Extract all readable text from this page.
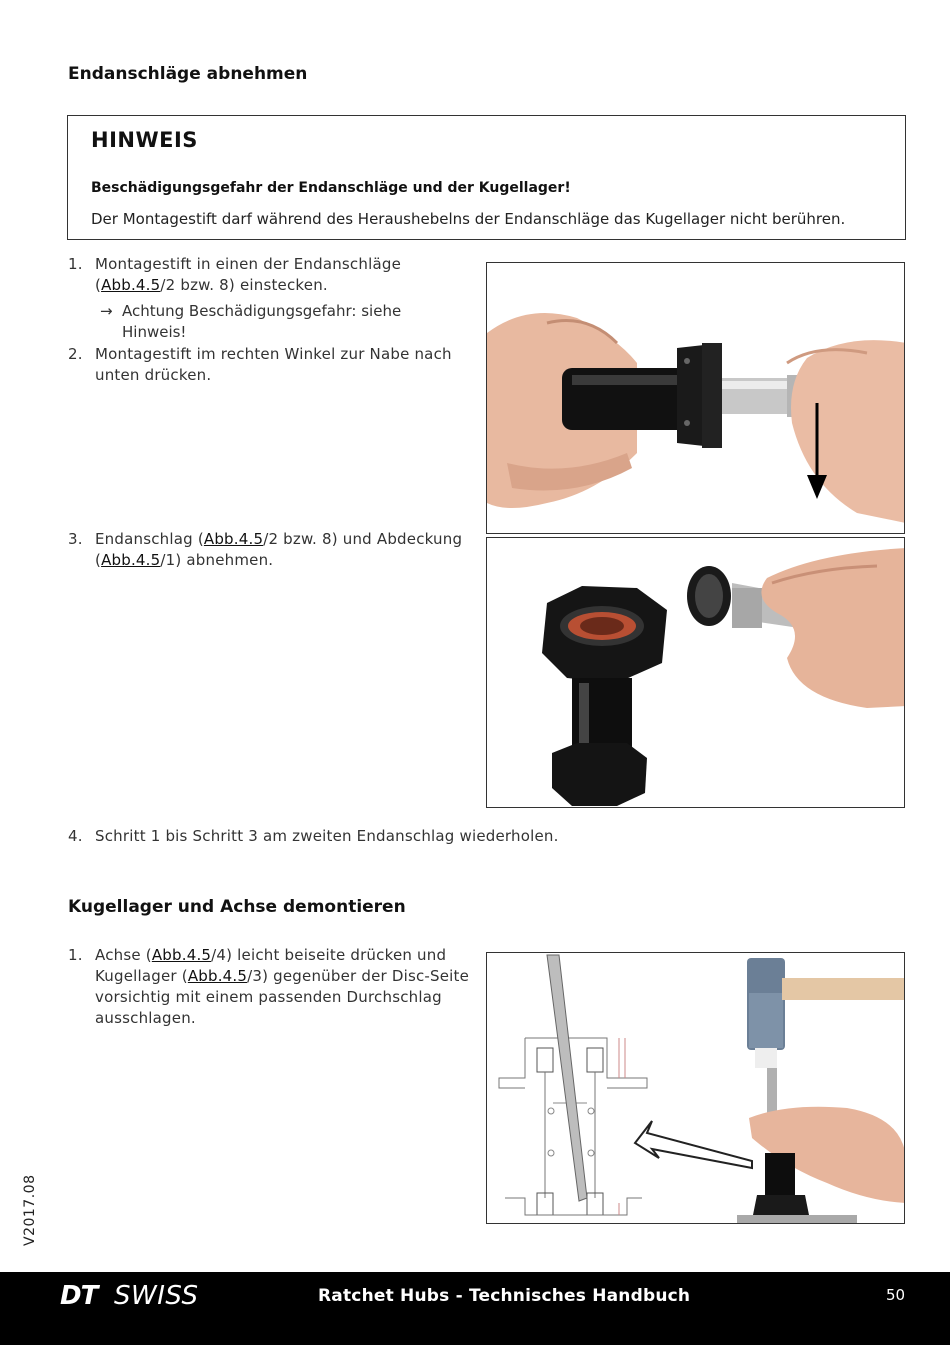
Endanschläge abnehmen
HINWEIS
Beschädigungsgefahr der Endanschläge und der Kugellager!
Der Montagestift darf während des Heraushebelns der Endanschläge das Kugellager nicht berühren.
1. Montagestift in einen der Endanschläge
(Abb.4.5/2 bzw. 8) einstecken.
→ Achtung Beschädigungsgefahr: siehe Hinweis!
2. Montagestift im rechten Winkel zur Nabe nach unten drücken.
3. Endanschlag (Abb.4.5/2 bzw. 8) und Abdeckung
(Abb.4.5/1) abnehmen.
4. Schritt 1 bis Schritt 3 am zweiten Endanschlag wiederholen.
Kugellager und Achse demontieren
1. Achse (Abb.4.5/4) leicht beiseite drücken und
Kugellager (Abb.4.5/3) gegenüber der Disc-Seite
vorsichtig mit einem passenden Durchschlag ausschlagen.
V2017.08
DT SWISS	Ratchet Hubs - Technisches Handbuch	50
